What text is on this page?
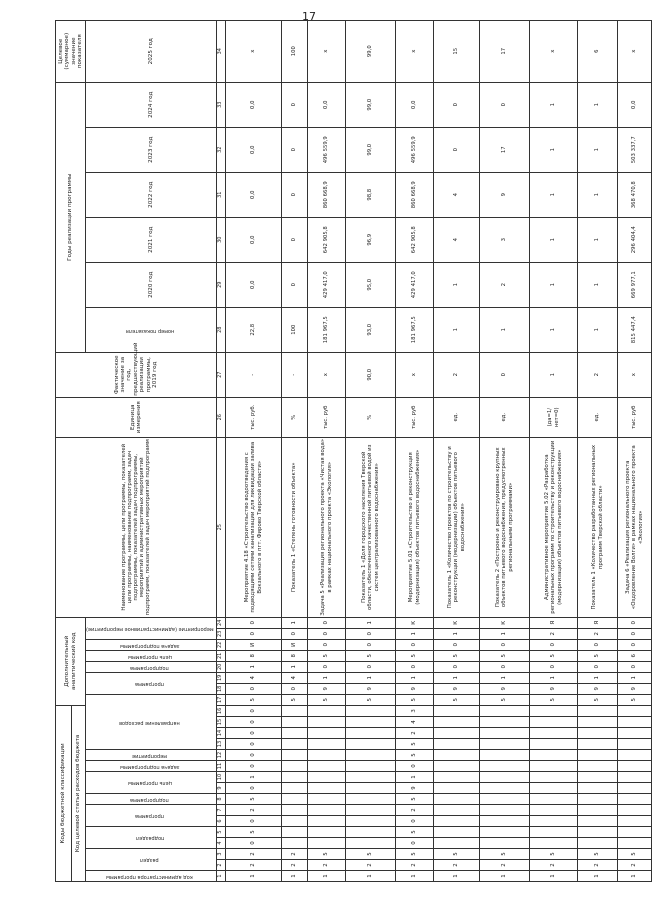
17
Коды бюджетной классификации																Дополнительный аналитический код								Наименование программы, цели программы, показателей цели программы, наименование подпрограмм, задач подпрограммы, показателей задач подпрограммы, мероприятий и административных мероприятий подпрограмм, показателей задач мероприятий подпрограмм	Единица измерения	Фактическое значение за год, предшествующий реализации программы, 2019 год	Годы реализации программы						Целевое (суммарное) значение показателя	
Код целевой статьи расходов бюджета																																		
код администратора программы	раздел		подраздел		программа		подпрограмма	цель программы		задача подпрограммы	мероприятие	направление расходов					программа		подпрограмма	цель программы	задача подпрограммы	мероприятие (административное мероприятие)					номер показателя	2020 год	2021 год	2022 год	2023 год	2024 год	2025 год	

1	2	3	4	5	6	7	8	9	10	11	12	13	14	15	16	17	18	19	20	21	22	23	24	25	26	27	28	29	30	31	32	33	34			
1	2	2	0	5	0	2	5	0	1	0	0	0	0	0	0	5	0	4	1	8	И	0	0	Мероприятие 4.18 «Строительство водоотведения с подводящими сетями канализации для ликвидации залива Вокзального в пгт. Фирово Тверской области»	тыс. руб.	-	22,8	0,0	0,0	0,0	0,0	0,0	х	
1	2	2														5	0	4	1	8	И	0	1	Показатель 1 «Степень готовности объекта»	%	-	100	0	0	0	0	0	100	
1	2	5														5	9	1	0	5	0	0	0	Задача 5 «Реализация регионального проекта «Чистая вода» в рамках национального проекта «Экология»	тыс. руб	х	181 967,5	429 417,0	642 905,8	860 668,9	496 559,9	0,0	х	
1	2	5														5	9	1	0	5	0	0	1	Показатель 1 «Доля городского населения Тверской области, обеспеченного качественной питьевой водой из систем централизованного водоснабжения»	%	90,0	93,0	95,0	96,9	98,8	99,0	99,0	99,0	
1	2	5	0	5	0	2	5	9	1	0	5	5	2	4	3	5	9	1	0	5	0	1	К	Мероприятие 5.01 «Строительство и реконструкция (модернизация) объектов питьевого водоснабжения»	тыс. руб	х	181 967,5	429 417,0	642 905,8	860 668,9	496 559,9	0,0	х	
1	2	5														5	9	1	0	5	0	1	К	Показатель 1 «Количество проектов по строительству и реконструкции (модернизации) объектов питьевого водоснабжения»	ед.	2	1	1	4	4	0	0	15	
1	2	5														5	9	1	0	5	0	1	К	Показатель 2 «Построено и реконструировано крупных объектов питьевого водоснабжения, предусмотренных региональными программами»	ед.	0	1	2	3	9	17	0	17	
1	2	5														5	9	1	0	5	0	2	Я	Административное мероприятие 5.02 «Разработка региональных программ по строительству и реконструкции (модернизации) объектов питьевого водоснабжения»	(да=1/нет=0)	1	1	1	1	1	1	1	х	
1	2	5														5	9	1	0	5	0	2	Я	Показатель 1 «Количество разработанных региональных программ Тверской области»	ед.	2	1	1	1	1	1	1	6	
1	2	5														5	9	1	0	6	0	0	0	Задача 6 «Реализация регионального проекта «Оздоровление Волги» в рамках национального проекта «Экология»	тыс. руб	х	815 447,4	669 977,1	296 404,4	368 470,8	503 337,7	0,0	х	
